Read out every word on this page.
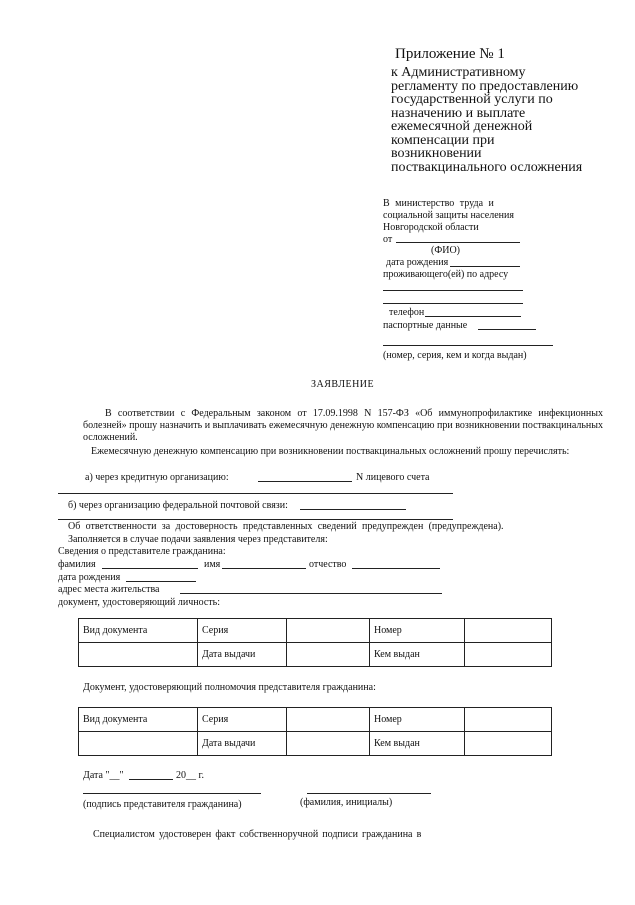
Приложение № 1
к Административному
регламенту по предоставлению
государственной услуги по
назначению и выплате
ежемесячной денежной
компенсации при
возникновении
поствакцинального осложнения
В министерство труда и
социальной защиты населения
Новгородской области
от
(ФИО)
дата рождения
проживающего(ей) по адресу
телефон
паспортные данные
(номер, серия, кем и когда выдан)
ЗАЯВЛЕНИЕ
В соответствии с Федеральным законом от 17.09.1998 N 157-ФЗ «Об иммунопрофилактике инфекционных болезней» прошу назначить и выплачивать ежемесячную денежную компенсацию при возникновении поствакцинальных осложнений.
Ежемесячную денежную компенсацию при возникновении поствакцинальных осложнений прошу перечислять:
а) через кредитную организацию:	N лицевого счета
б) через организацию федеральной почтовой связи:
Об ответственности за достоверность представленных сведений предупрежден (предупреждена).
Заполняется в случае подачи заявления через представителя:
Сведения о представителе гражданина:
фамилия	имя	отчество
дата рождения
адрес места жительства
документ, удостоверяющий личность:
Вид документа	Серия		Номер	
	Дата выдачи		Кем выдан	
Документ, удостоверяющий полномочия представителя гражданина:
Вид документа	Серия		Номер	
	Дата выдачи		Кем выдан	
Дата "__"	20__ г.
(подпись представителя гражданина)	(фамилия, инициалы)
Специалистом удостоверен факт собственноручной подписи гражданина в
